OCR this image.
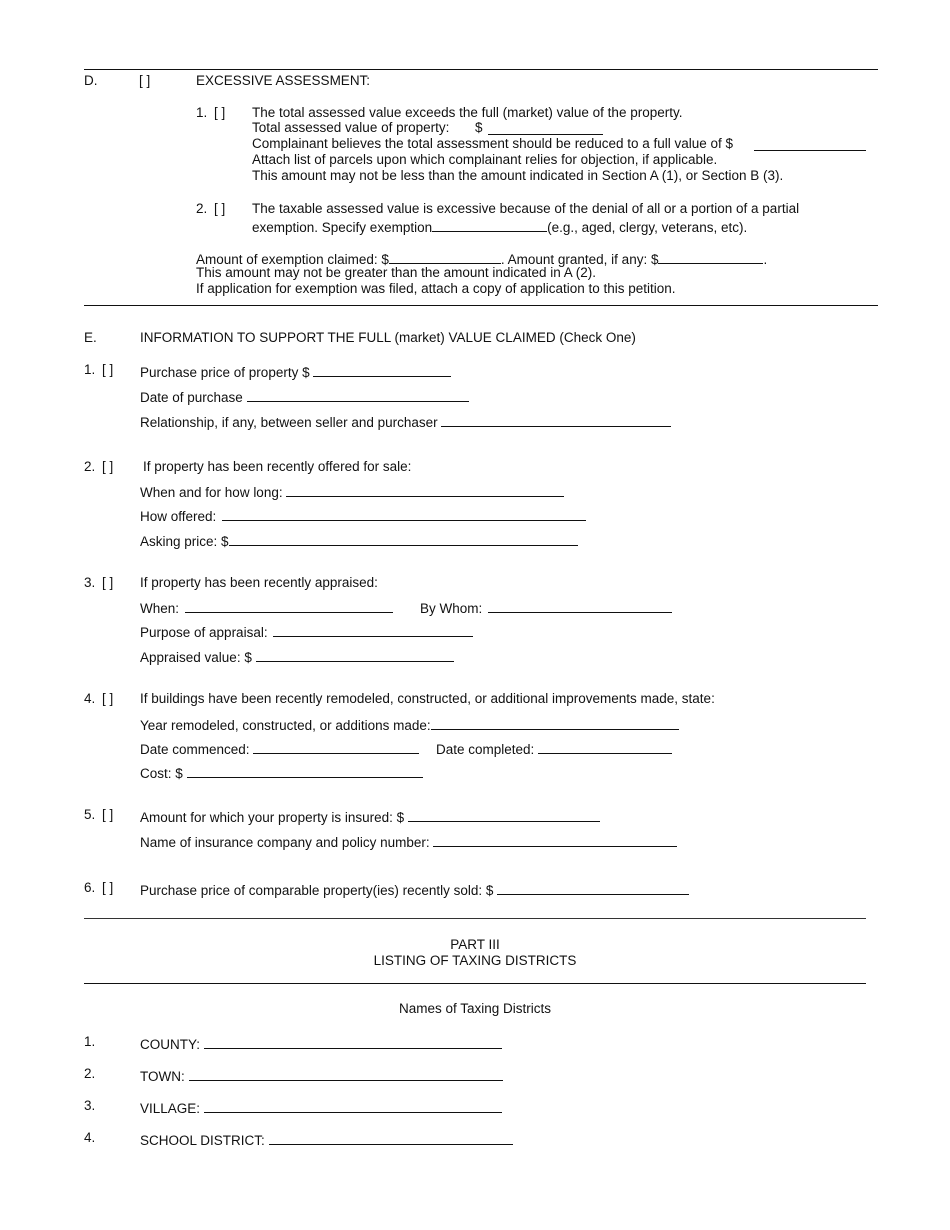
D.	[ ]	EXCESSIVE ASSESSMENT:
1. [ ] The total assessed value exceeds the full (market) value of the property.
Total assessed value of property: $
Complainant believes the total assessment should be reduced to a full value of $
Attach list of parcels upon which complainant relies for objection, if applicable.
This amount may not be less than the amount indicated in Section A (1), or Section B (3).
2. [ ] The taxable assessed value is excessive because of the denial of all or a portion of a partial
exemption. Specify exemption	(e.g., aged, clergy, veterans, etc).
Amount of exemption claimed: $	. Amount granted, if any: $	.
This amount may not be greater than the amount indicated in A (2).
If application for exemption was filed, attach a copy of application to this petition.
E.	INFORMATION TO SUPPORT THE FULL (market) VALUE CLAIMED (Check One)
1. [ ] Purchase price of property $
Date of purchase
Relationship, if any, between seller and purchaser
2. [ ] If property has been recently offered for sale:
When and for how long:
How offered:
Asking price: $
3. [ ] If property has been recently appraised:
When:	By Whom:
Purpose of appraisal:
Appraised value: $
4. [ ] If buildings have been recently remodeled, constructed, or additional improvements made, state:
Year remodeled, constructed, or additions made:
Date commenced:	Date completed:
Cost: $
5. [ ] Amount for which your property is insured: $
Name of insurance company and policy number:
6. [ ] Purchase price of comparable property(ies) recently sold: $
PART III
LISTING OF TAXING DISTRICTS
Names of Taxing Districts
1.	COUNTY:
2.	TOWN:
3.	VILLAGE:
4.	SCHOOL DISTRICT:
